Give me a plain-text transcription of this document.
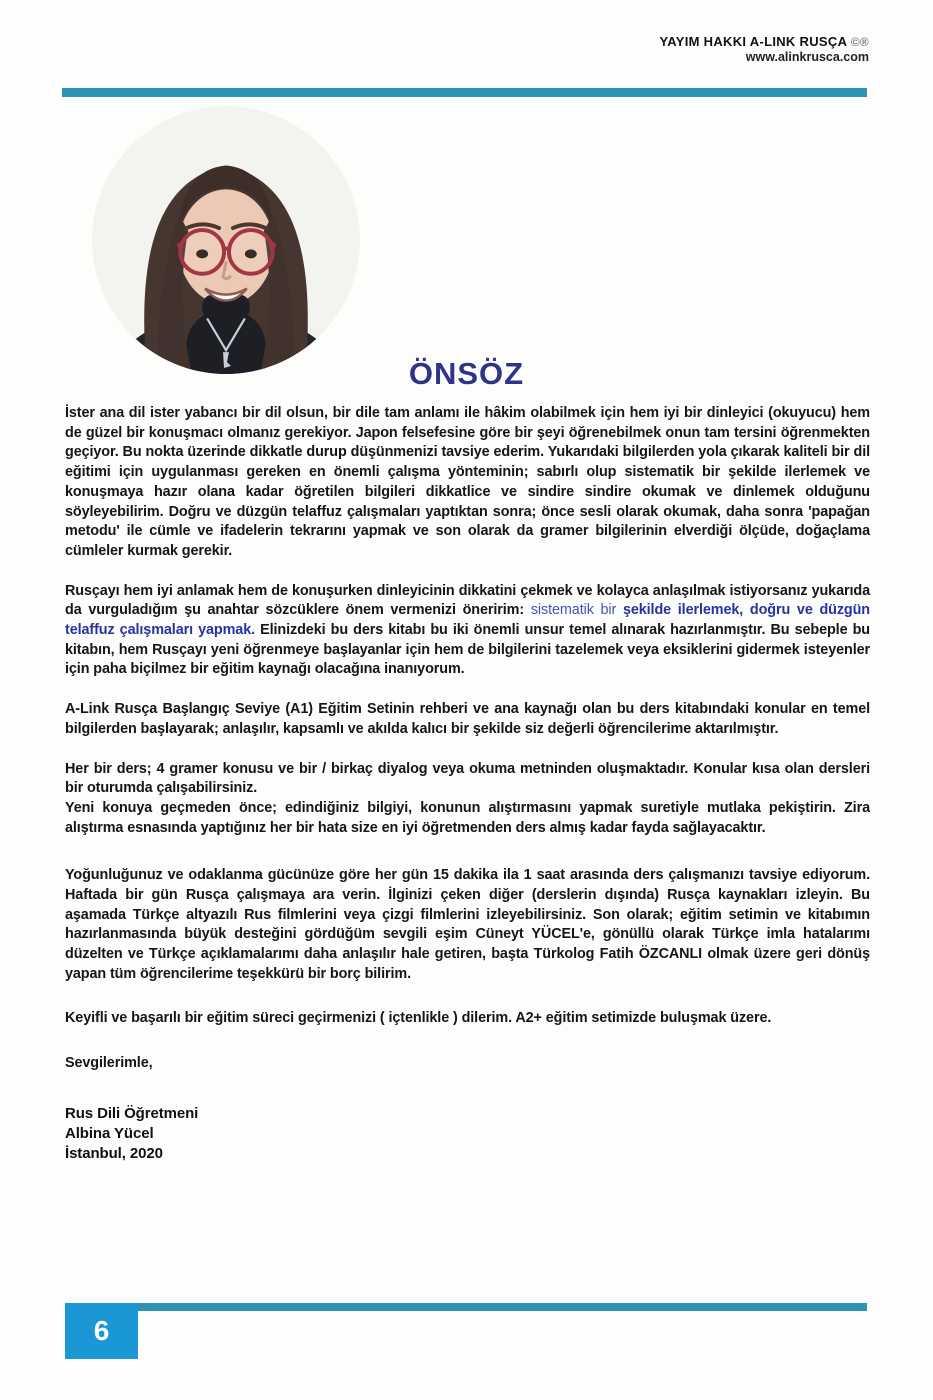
YAYIM HAKKI A-LINK RUSÇA ©®
www.alinkrusca.com
ÖNSÖZ

İster ana dil ister yabancı bir dil olsun, bir dile tam anlamı ile hâkim olabilmek için hem iyi bir dinleyici (okuyucu) hem de güzel bir konuşmacı olmanız gerekiyor. Japon felsefesine göre bir şeyi öğrenebilmek onun tam tersini öğrenmekten geçiyor. Bu nokta üzerinde dikkatle durup düşünmenizi tavsiye ederim. Yukarıdaki bilgilerden yola çıkarak kaliteli bir dil eğitimi için uygulanması gereken en önemli çalışma yönteminin; sabırlı olup sistematik bir şekilde ilerlemek ve konuşmaya hazır olana kadar öğretilen bilgileri dikkatlice ve sindire sindire okumak ve dinlemek olduğunu söyleyebilirim. Doğru ve düzgün telaffuz çalışmaları yaptıktan sonra; önce sesli olarak okumak, daha sonra 'papağan metodu' ile cümle ve ifadelerin tekrarını yapmak ve son olarak da gramer bilgilerinin elverdiği ölçüde, doğaçlama cümleler kurmak gerekir.

Rusçayı hem iyi anlamak hem de konuşurken dinleyicinin dikkatini çekmek ve kolayca anlaşılmak istiyorsanız yukarıda da vurguladığım şu anahtar sözcüklere önem vermenizi öneririm: sistematik bir şekilde ilerlemek, doğru ve düzgün telaffuz çalışmaları yapmak. Elinizdeki bu ders kitabı bu iki önemli unsur temel alınarak hazırlanmıştır. Bu sebeple bu kitabın, hem Rusçayı yeni öğrenmeye başlayanlar için hem de bilgilerini tazelemek veya eksiklerini gidermek isteyenler için paha biçilmez bir eğitim kaynağı olacağına inanıyorum.

A-Link Rusça Başlangıç Seviye (A1) Eğitim Setinin rehberi ve ana kaynağı olan bu ders kitabındaki konular en temel bilgilerden başlayarak; anlaşılır, kapsamlı ve akılda kalıcı bir şekilde siz değerli öğrencilerime aktarılmıştır.

Her bir ders; 4 gramer konusu ve bir / birkaç diyalog veya okuma metninden oluşmaktadır. Konular kısa olan dersleri bir oturumda çalışabilirsiniz.

Yeni konuya geçmeden önce; edindiğiniz bilgiyi, konunun alıştırmasını yapmak suretiyle mutlaka pekiştirin. Zira alıştırma esnasında yaptığınız her bir hata size en iyi öğretmenden ders almış kadar fayda sağlayacaktır.

Yoğunluğunuz ve odaklanma gücünüze göre her gün 15 dakika ila 1 saat arasında ders çalışmanızı tavsiye ediyorum. Haftada bir gün Rusça çalışmaya ara verin. İlginizi çeken diğer (derslerin dışında) Rusça kaynakları izleyin. Bu aşamada Türkçe altyazılı Rus filmlerini veya çizgi filmlerini izleyebilirsiniz. Son olarak; eğitim setimin ve kitabımın hazırlanmasında büyük desteğini gördüğüm sevgili eşim Cüneyt YÜCEL'e, gönüllü olarak Türkçe imla hatalarımı düzelten ve Türkçe açıklamalarımı daha anlaşılır hale getiren, başta Türkolog Fatih ÖZCANLI olmak üzere geri dönüş yapan tüm öğrencilerime teşekkürü bir borç bilirim.

Keyifli ve başarılı bir eğitim süreci geçirmenizi ( içtenlikle ) dilerim. A2+ eğitim setimizde buluşmak üzere.

Sevgilerimle,

Rus Dili Öğretmeni
Albina Yücel
İstanbul, 2020
6
